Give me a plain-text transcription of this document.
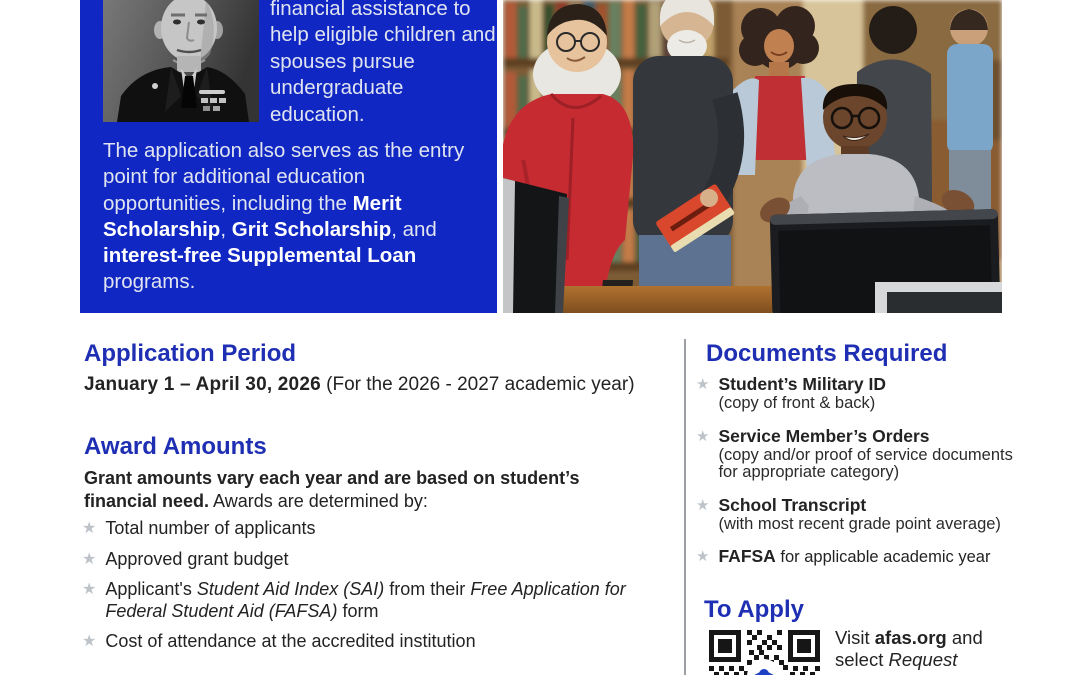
financial assistance to help eligible children and spouses pursue undergraduate education.

The application also serves as the entry point for additional education opportunities, including the Merit Scholarship, Grit Scholarship, and interest-free Supplemental Loan programs.

Application Period

January 1 – April 30, 2026 (For the 2026 - 2027 academic year)

Award Amounts

Grant amounts vary each year and are based on student’s financial need. Awards are determined by:

★ Total number of applicants
★ Approved grant budget
★ Applicant's Student Aid Index (SAI) from their Free Application for Federal Student Aid (FAFSA) form
★ Cost of attendance at the accredited institution
Documents Required
★ Student’s Military ID
(copy of front & back)
★ Service Member’s Orders
(copy and/or proof of service documents for appropriate category)
★ School Transcript
(with most recent grade point average)
★ FAFSA for applicable academic year
To Apply

Visit afas.org and
select Request
